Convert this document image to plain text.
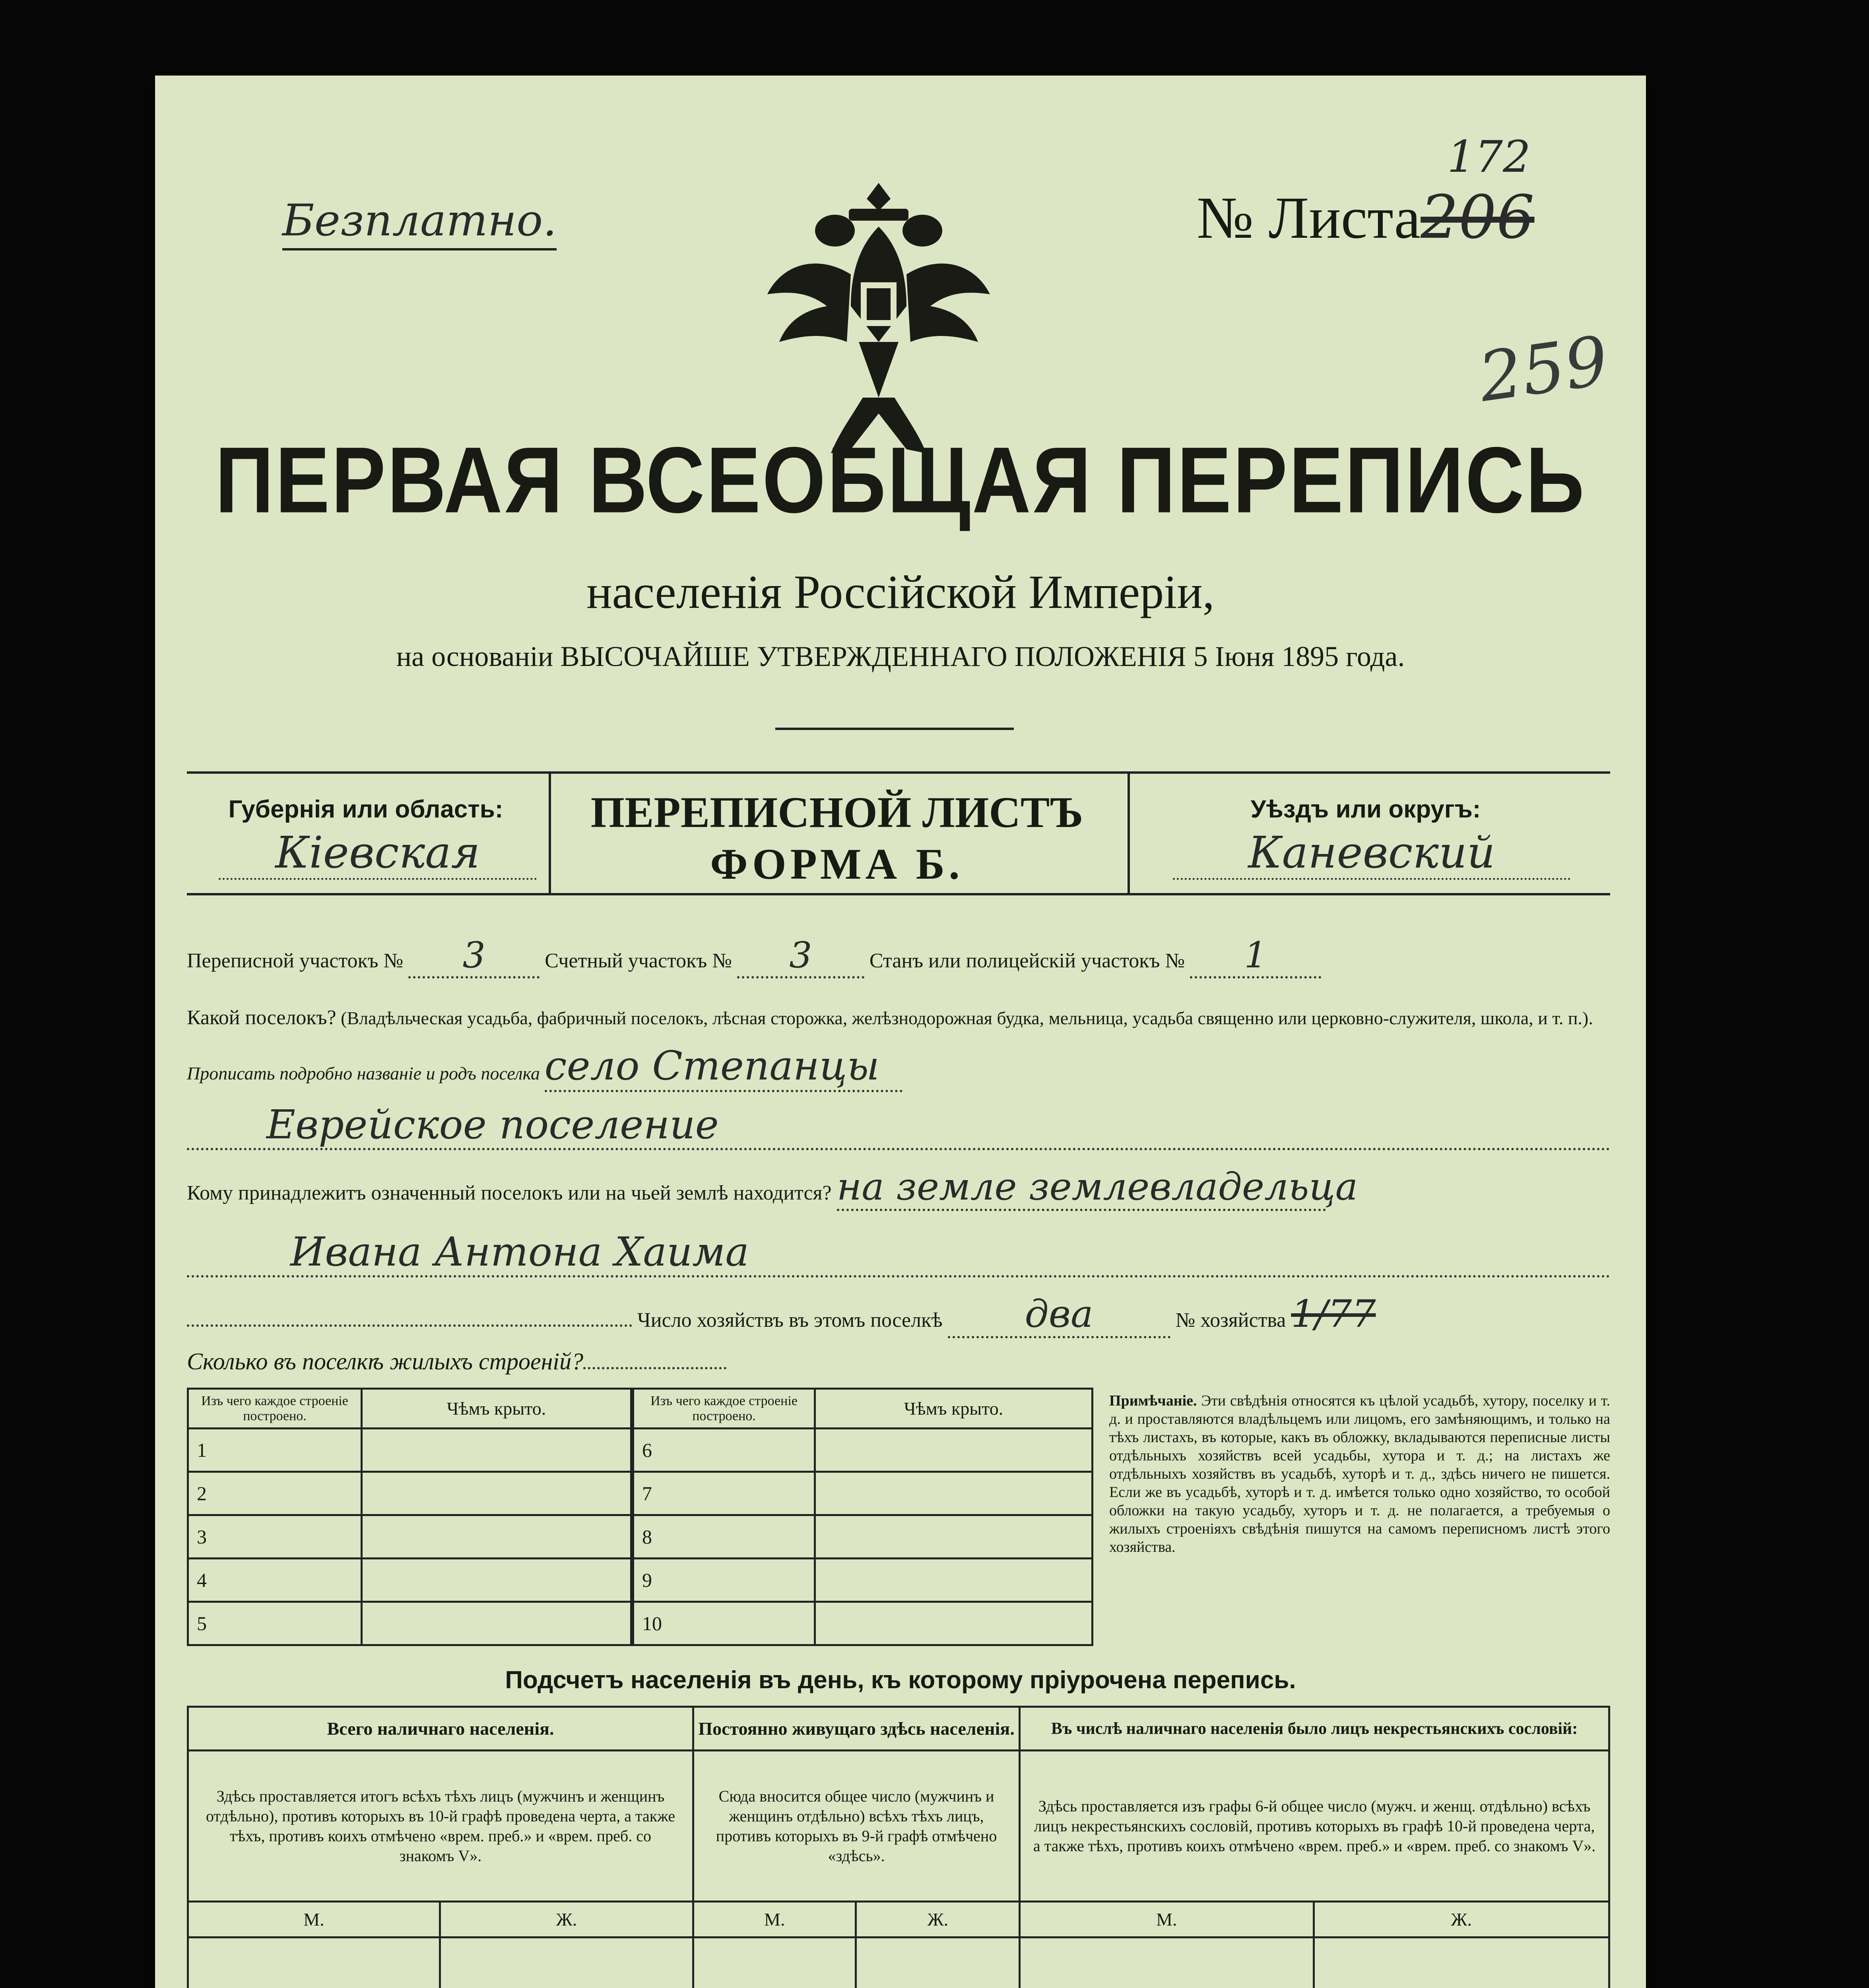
Безплатно.	№ Листа206
172
259
ПЕРВАЯ ВСЕОБЩАЯ ПЕРЕПИСЬ
населенія Россійской Имперіи,
на основаніи ВЫСОЧАЙШЕ УТВЕРЖДЕННАГО ПОЛОЖЕНІЯ 5 Іюня 1895 года.
Губернія или область:
Кiевская
ПЕРЕПИСНОЙ ЛИСТЪ
ФОРМА Б.
Уѣздъ или округъ:
Каневский
Переписной участокъ № 3	Счетный участокъ № 3	Станъ или полицейскій участокъ № 1
Какой поселокъ? (Владѣльческая усадьба, фабричный поселокъ, лѣсная сторожка, желѣзнодорожная будка, мельница, усадьба священно или церковно-служителя, школа, и т. п.). Прописать подробно названіе и родъ поселка село Степанцы
Еврейское поселение
Кому принадлежитъ означенный поселокъ или на чьей землѣ находится? на земле землевладельца
Ивана Антона Хаима
Число хозяйствъ въ этомъ поселкѣ два	№ хозяйства 1/77
Сколько въ поселкѣ жилыхъ строеній?
Изъ чего каждое строеніе построено.	Чѣмъ крыто.
1	
2	
3	
4	
5	
Изъ чего каждое строеніе построено.	Чѣмъ крыто.
6	
7	
8	
9	
10	
Примѣчаніе. Эти свѣдѣнія относятся къ цѣлой усадьбѣ, хутору, поселку и т. д. и проставляются владѣльцемъ или лицомъ, его замѣняющимъ, и только на тѣхъ листахъ, въ которые, какъ въ обложку, вкладываются переписные листы отдѣльныхъ хозяйствъ всей усадьбы, хутора и т. д.; на листахъ же отдѣльныхъ хозяйствъ въ усадьбѣ, хуторѣ и т. д., здѣсь ничего не пишется. Если же въ усадьбѣ, хуторѣ и т. д. имѣется только одно хозяйство, то особой обложки на такую усадьбу, хуторъ и т. д. не полагается, а требуемыя о жилыхъ строеніяхъ свѣдѣнія пишутся на самомъ переписномъ листѣ этого хозяйства.
Подсчетъ населенія въ день, къ которому пріурочена перепись.
Всего наличнаго населенія.		Постоянно живущаго здѣсь населенія.		Въ числѣ наличнаго населенія было лицъ некрестьянскихъ сословій:	
Здѣсь проставляется итогъ всѣхъ тѣхъ лицъ (мужчинъ и женщинъ отдѣльно), противъ которыхъ въ 10-й графѣ проведена черта, а также тѣхъ, противъ коихъ отмѣчено «врем. преб.» и «врем. преб. со знакомъ V».		Сюда вносится общее число (мужчинъ и женщинъ отдѣльно) всѣхъ тѣхъ лицъ, противъ которыхъ въ 9-й графѣ отмѣчено «здѣсь».		Здѣсь проставляется изъ графы 6-й общее число (мужч. и женщ. отдѣльно) всѣхъ лицъ некрестьянскихъ сословій, противъ которыхъ въ графѣ 10-й проведена черта, а также тѣхъ, противъ коихъ отмѣчено «врем. преб.» и «врем. преб. со знакомъ V».	
М.	Ж.	М.	Ж.	М.	Ж.
